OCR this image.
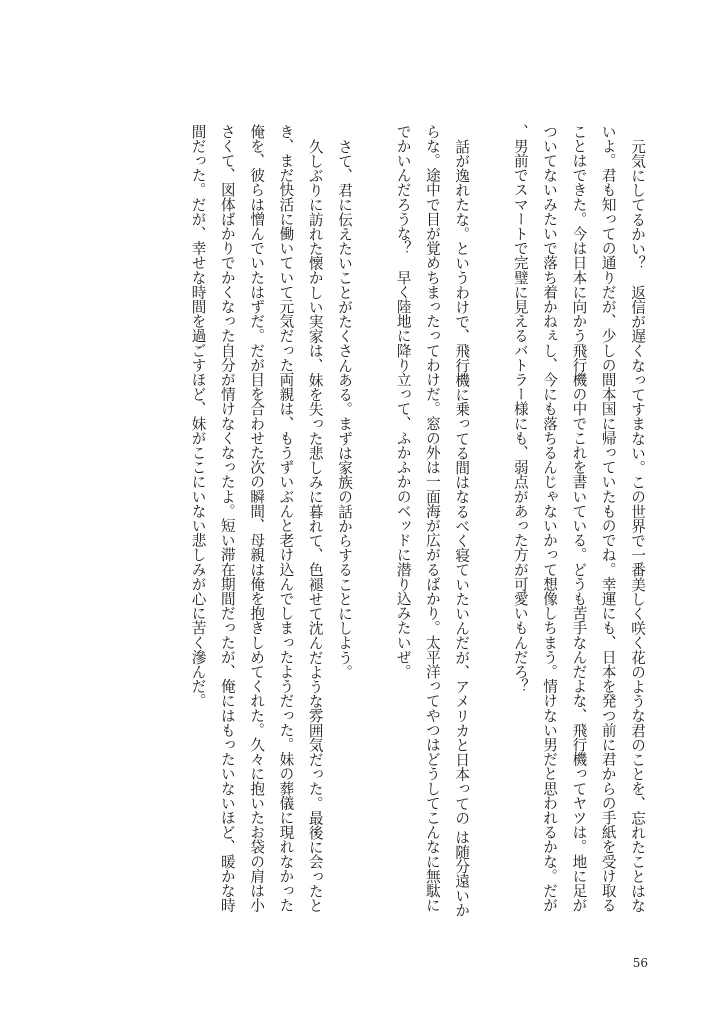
元気にしてるかい？　返信が遅くなってすまない。この世界で一番美しく咲く花のような君のことを、忘れたことはないよ。君も知っての通りだが、少しの間本国に帰っていたものでね。幸運にも、日本を発つ前に君からの手紙を受け取ることはできた。今は日本に向かう飛行機の中でこれを書いている。どうも苦手なんだよな、飛行機ってヤツは。地に足がついてないみたいで落ち着かねぇし、今にも落ちるんじゃないかって想像しちまう。情けない男だと思われるかな。だが、男前でスマートで完璧に見えるバトラー様にも、弱点があった方が可愛いもんだろ？

話が逸れたな。というわけで、飛行機に乗ってる間はなるべく寝ていたいんだが、アメリカと日本っての は随分遠いからな。途中で目が覚めちまったってわけだ。窓の外は一面海が広がるばかり。太平洋ってやつはどうしてこんなに無駄にでかいんだろうな？　早く陸地に降り立って、ふかふかのベッドに潜り込みたいぜ。

さて、君に伝えたいことがたくさんある。まずは家族の話からすることにしよう。

久しぶりに訪れた懐かしい実家は、妹を失った悲しみに暮れて、色褪せて沈んだような雰囲気だった。最後に会ったとき、まだ快活に働いていて元気だった両親は、もうずいぶんと老け込んでしまったようだった。妹の葬儀に現れなかった俺を、彼らは憎んでいたはずだ。だが目を合わせた次の瞬間、母親は俺を抱きしめてくれた。久々に抱いたお袋の肩は小さくて、図体ばかりでかくなった自分が情けなくなったよ。短い滞在期間だったが、俺にはもったいないほど、暖かな時間だった。だが、幸せな時間を過ごすほど、妹がここにいない悲しみが心に苦く滲んだ。

56
